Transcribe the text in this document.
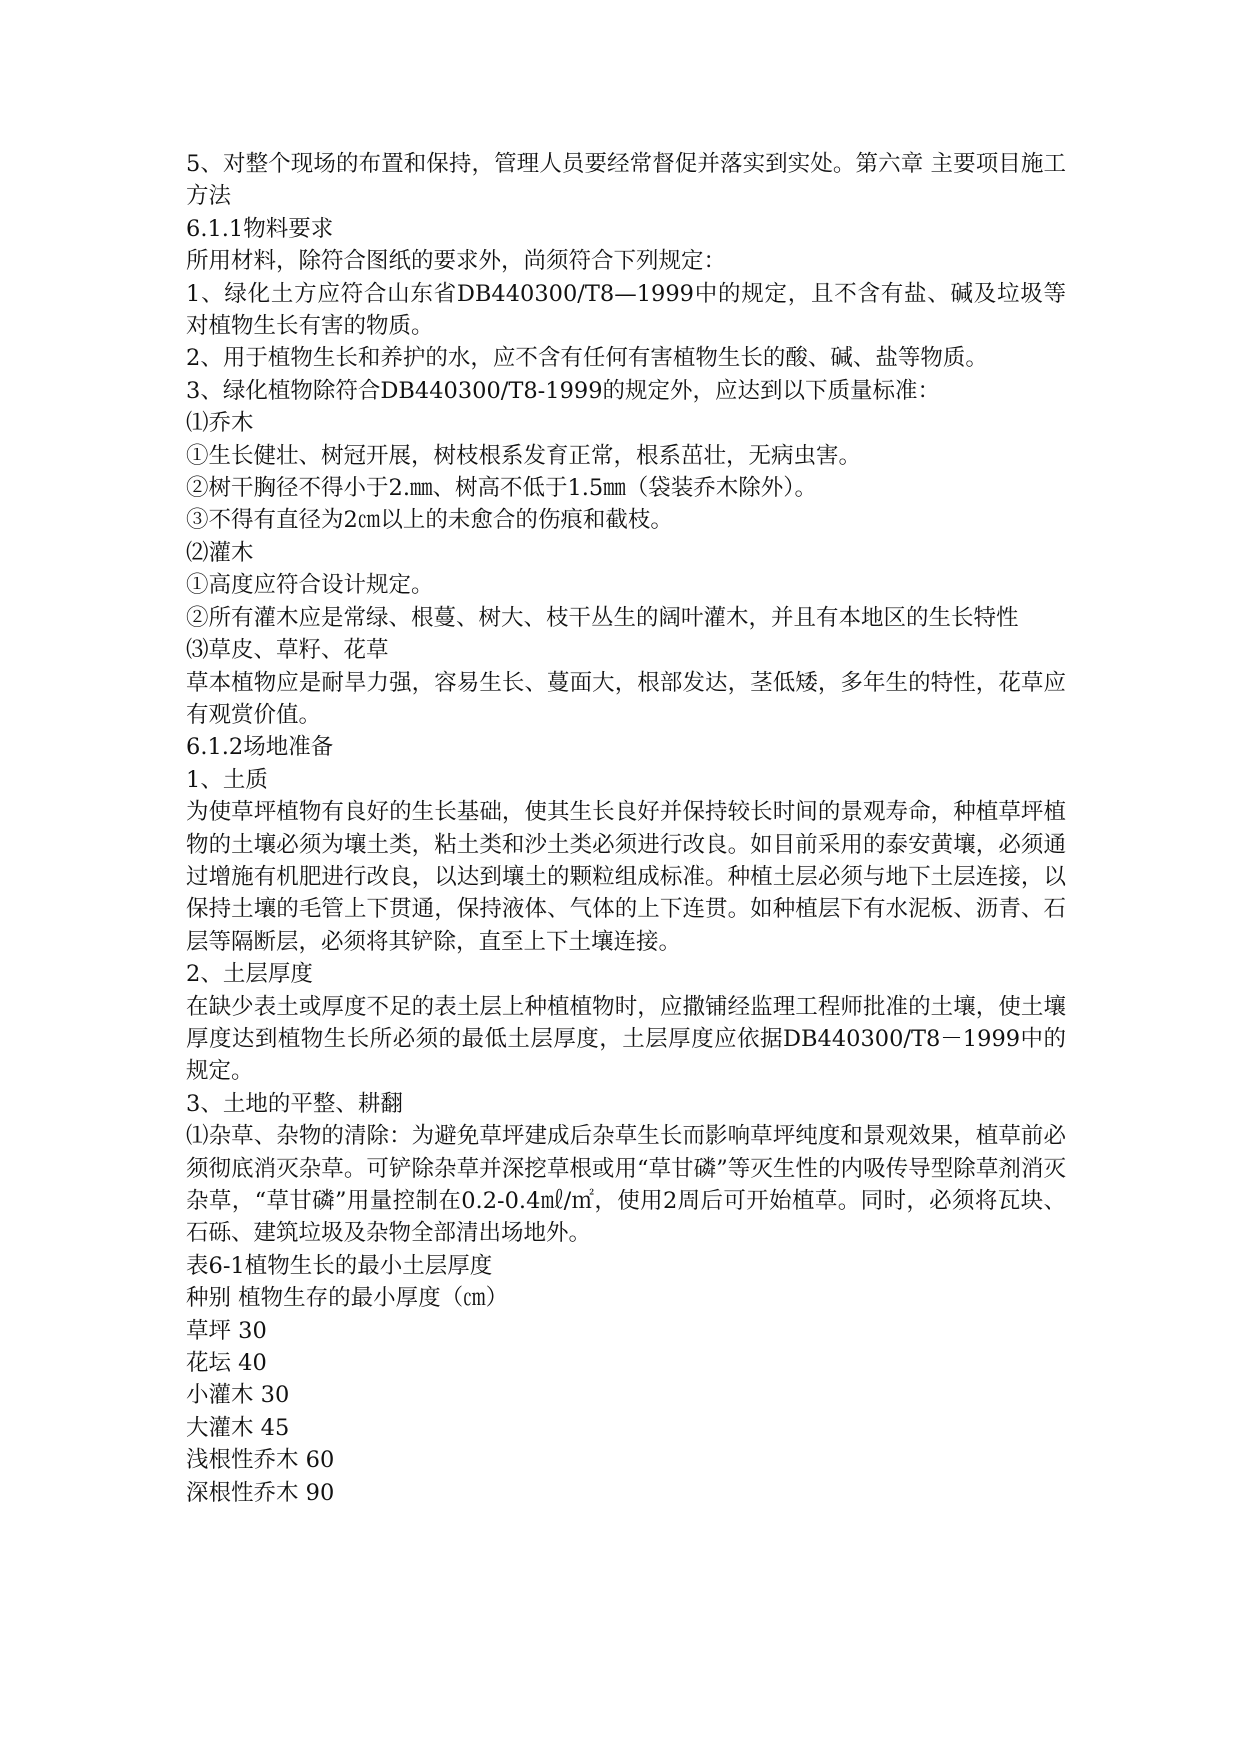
5、对整个现场的布置和保持，管理人员要经常督促并落实到实处。第六章 主要项目施工方法

6.1.1物料要求

所用材料，除符合图纸的要求外，尚须符合下列规定：

1、绿化土方应符合山东省DB440300/T8—1999中的规定，且不含有盐、碱及垃圾等对植物生长有害的物质。

2、用于植物生长和养护的水，应不含有任何有害植物生长的酸、碱、盐等物质。

3、绿化植物除符合DB440300/T8-1999的规定外，应达到以下质量标准：

⑴乔木

①生长健壮、树冠开展，树枝根系发育正常，根系茁壮，无病虫害。

②树干胸径不得小于2.㎜、树高不低于1.5㎜（袋装乔木除外）。

③不得有直径为2㎝以上的未愈合的伤痕和截枝。

⑵灌木

①高度应符合设计规定。

②所有灌木应是常绿、根蔓、树大、枝干丛生的阔叶灌木，并且有本地区的生长特性

⑶草皮、草籽、花草

草本植物应是耐旱力强，容易生长、蔓面大，根部发达，茎低矮，多年生的特性，花草应有观赏价值。

6.1.2场地准备

1、土质

为使草坪植物有良好的生长基础，使其生长良好并保持较长时间的景观寿命，种植草坪植物的土壤必须为壤土类，粘土类和沙土类必须进行改良。如目前采用的泰安黄壤，必须通过增施有机肥进行改良，以达到壤土的颗粒组成标准。种植土层必须与地下土层连接，以保持土壤的毛管上下贯通，保持液体、气体的上下连贯。如种植层下有水泥板、沥青、石层等隔断层，必须将其铲除，直至上下土壤连接。

2、土层厚度

在缺少表土或厚度不足的表土层上种植植物时，应撒铺经监理工程师批准的土壤，使土壤厚度达到植物生长所必须的最低土层厚度，土层厚度应依据DB440300/T8－1999中的规定。

3、土地的平整、耕翻

⑴杂草、杂物的清除：为避免草坪建成后杂草生长而影响草坪纯度和景观效果，植草前必须彻底消灭杂草。可铲除杂草并深挖草根或用“草甘磷”等灭生性的内吸传导型除草剂消灭杂草，“草甘磷”用量控制在0.2-0.4㎖/㎡，使用2周后可开始植草。同时，必须将瓦块、石砾、建筑垃圾及杂物全部清出场地外。

表6-1植物生长的最小土层厚度

种别 植物生存的最小厚度（㎝）

草坪 30

花坛 40

小灌木 30

大灌木 45

浅根性乔木 60

深根性乔木 90
